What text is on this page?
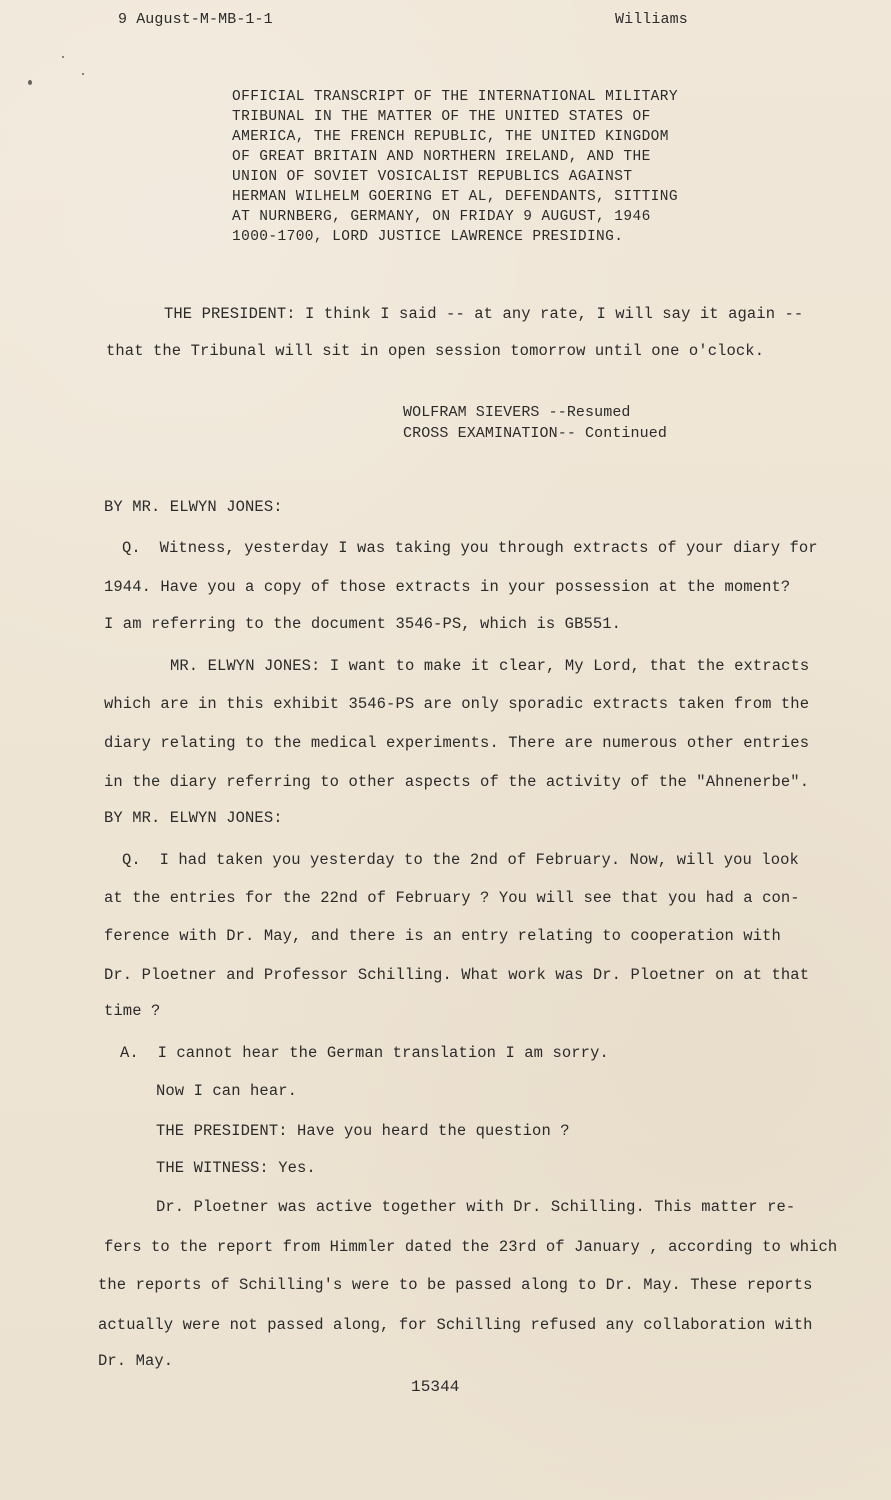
9 August-M-MB-1-1	Williams
OFFICIAL TRANSCRIPT OF THE INTERNATIONAL MILITARY
TRIBUNAL IN THE MATTER OF THE UNITED STATES OF
AMERICA, THE FRENCH REPUBLIC, THE UNITED KINGDOM
OF GREAT BRITAIN AND NORTHERN IRELAND, AND THE
UNION OF SOVIET VOSICALIST REPUBLICS AGAINST
HERMAN WILHELM GOERING ET AL, DEFENDANTS, SITTING
AT NURNBERG, GERMANY, ON FRIDAY 9 AUGUST, 1946
1000-1700, LORD JUSTICE LAWRENCE PRESIDING.
THE PRESIDENT: I think I said -- at any rate, I will say it again --
that the Tribunal will sit in open session tomorrow until one o'clock.
WOLFRAM SIEVERS --Resumed
CROSS EXAMINATION-- Continued
BY MR. ELWYN JONES:
Q.  Witness, yesterday I was taking you through extracts of your diary for
1944. Have you a copy of those extracts in your possession at the moment?
I am referring to the document 3546-PS, which is GB551.
MR. ELWYN JONES: I want to make it clear, My Lord, that the extracts
which are in this exhibit 3546-PS are only sporadic extracts taken from the
diary relating to the medical experiments. There are numerous other entries
in the diary referring to other aspects of the activity of the "Ahnenerbe".
BY MR. ELWYN JONES:
Q.  I had taken you yesterday to the 2nd of February. Now, will you look
at the entries for the 22nd of February ? You will see that you had a con-
ference with Dr. May, and there is an entry relating to cooperation with
Dr. Ploetner and Professor Schilling. What work was Dr. Ploetner on at that
time ?
A.  I cannot hear the German translation I am sorry.
Now I can hear.
THE PRESIDENT: Have you heard the question ?
THE WITNESS: Yes.
Dr. Ploetner was active together with Dr. Schilling. This matter re-
fers to the report from Himmler dated the 23rd of January , according to which
the reports of Schilling's were to be passed along to Dr. May. These reports
actually were not passed along, for Schilling refused any collaboration with
Dr. May.
15344
